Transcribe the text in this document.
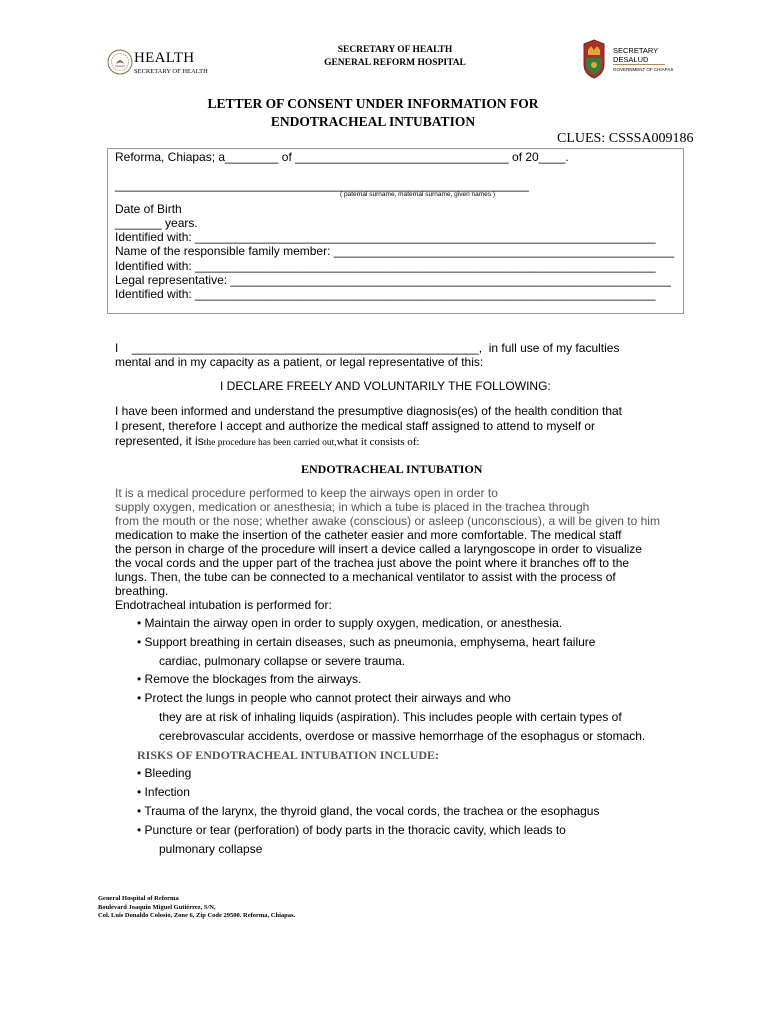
HEALTH
SECRETARY OF HEALTH
SECRETARY OF HEALTH
GENERAL REFORM HOSPITAL
SECRETARY
DESALUD
GOVERNMENT OF CHIAPAS
LETTER OF CONSENT UNDER INFORMATION FOR
ENDOTRACHEAL INTUBATION
CLUES: CSSSA009186
Reforma, Chiapas; a________ of ________________________________ of 20____.
______________________________________________________________
( paternal surname, maternal surname, given names )
Date of Birth
_______ years.
Identified with: _____________________________________________________________________
Name of the responsible family member: ___________________________________________________
Identified with: _____________________________________________________________________
Legal representative: __________________________________________________________________
Identified with: _____________________________________________________________________
I ____________________________________________________, in full use of my faculties
mental and in my capacity as a patient, or legal representative of this:
I DECLARE FREELY AND VOLUNTARILY THE FOLLOWING:
I have been informed and understand the presumptive diagnosis(es) of the health condition that
I present, therefore I accept and authorize the medical staff assigned to attend to myself or
represented, it isthe procedure has been carried out,what it consists of:
ENDOTRACHEAL INTUBATION
It is a medical procedure performed to keep the airways open in order to
supply oxygen, medication or anesthesia; in which a tube is placed in the trachea through
from the mouth or the nose; whether awake (conscious) or asleep (unconscious), a will be given to him
medication to make the insertion of the catheter easier and more comfortable. The medical staff
the person in charge of the procedure will insert a device called a laryngoscope in order to visualize
the vocal cords and the upper part of the trachea just above the point where it branches off to the
lungs. Then, the tube can be connected to a mechanical ventilator to assist with the process of
breathing.
Endotracheal intubation is performed for:
• Maintain the airway open in order to supply oxygen, medication, or anesthesia.
• Support breathing in certain diseases, such as pneumonia, emphysema, heart failure
cardiac, pulmonary collapse or severe trauma.
• Remove the blockages from the airways.
• Protect the lungs in people who cannot protect their airways and who
they are at risk of inhaling liquids (aspiration). This includes people with certain types of
cerebrovascular accidents, overdose or massive hemorrhage of the esophagus or stomach.
RISKS OF ENDOTRACHEAL INTUBATION INCLUDE:
• Bleeding
• Infection
• Trauma of the larynx, the thyroid gland, the vocal cords, the trachea or the esophagus
• Puncture or tear (perforation) of body parts in the thoracic cavity, which leads to
pulmonary collapse
General Hospital of Reforma
Boulevard Joaquín Miguel Gutiérrez, S/N,
Col. Luis Donaldo Colosio, Zone 6, Zip Code 29500. Reforma, Chiapas.
